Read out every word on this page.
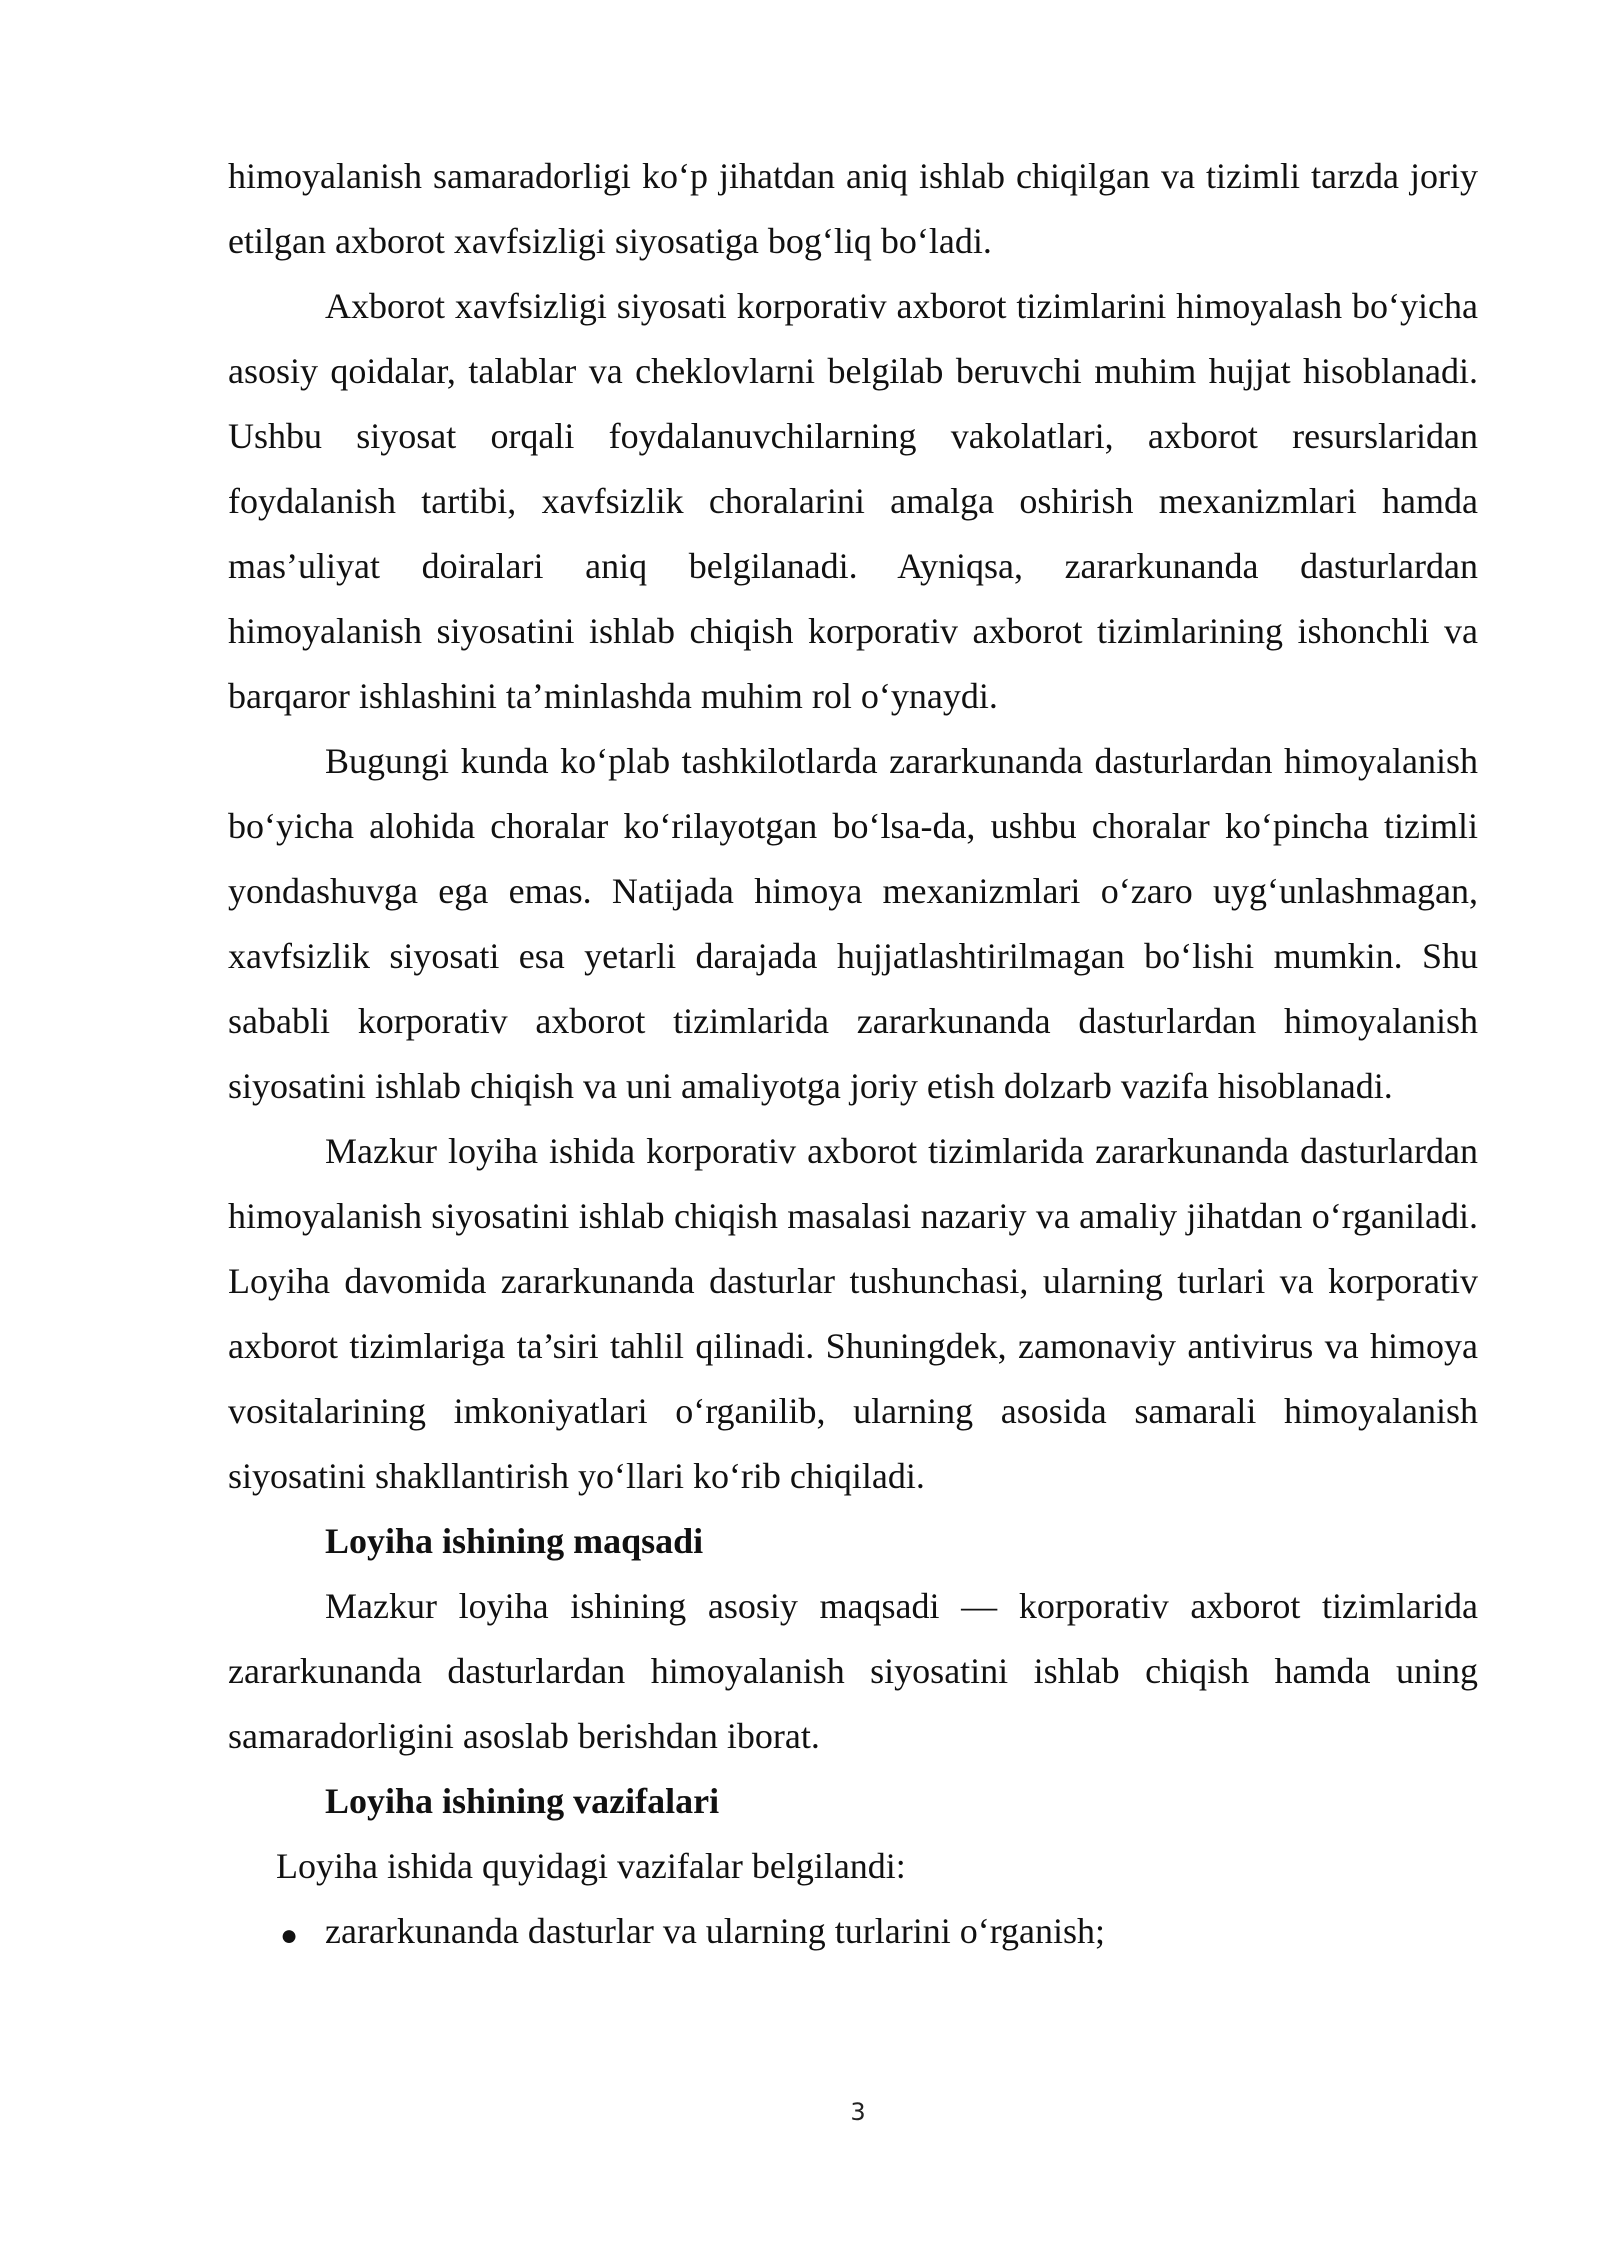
himoyalanish samaradorligi ko‘p jihatdan aniq ishlab chiqilgan va tizimli tarzda joriy etilgan axborot xavfsizligi siyosatiga bog‘liq bo‘ladi.

Axborot xavfsizligi siyosati korporativ axborot tizimlarini himoyalash bo‘yicha asosiy qoidalar, talablar va cheklovlarni belgilab beruvchi muhim hujjat hisoblanadi. Ushbu siyosat orqali foydalanuvchilarning vakolatlari, axborot resurslaridan foydalanish tartibi, xavfsizlik choralarini amalga oshirish mexanizmlari hamda mas’uliyat doiralari aniq belgilanadi. Ayniqsa, zararkunanda dasturlardan himoyalanish siyosatini ishlab chiqish korporativ axborot tizimlarining ishonchli va barqaror ishlashini ta’minlashda muhim rol o‘ynaydi.

Bugungi kunda ko‘plab tashkilotlarda zararkunanda dasturlardan himoyalanish bo‘yicha alohida choralar ko‘rilayotgan bo‘lsa-da, ushbu choralar ko‘pincha tizimli yondashuvga ega emas. Natijada himoya mexanizmlari o‘zaro uyg‘unlashmagan, xavfsizlik siyosati esa yetarli darajada hujjatlashtirilmagan bo‘lishi mumkin. Shu sababli korporativ axborot tizimlarida zararkunanda dasturlardan himoyalanish siyosatini ishlab chiqish va uni amaliyotga joriy etish dolzarb vazifa hisoblanadi.

Mazkur loyiha ishida korporativ axborot tizimlarida zararkunanda dasturlardan himoyalanish siyosatini ishlab chiqish masalasi nazariy va amaliy jihatdan o‘rganiladi. Loyiha davomida zararkunanda dasturlar tushunchasi, ularning turlari va korporativ axborot tizimlariga ta’siri tahlil qilinadi. Shuningdek, zamonaviy antivirus va himoya vositalarining imkoniyatlari o‘rganilib, ularning asosida samarali himoyalanish siyosatini shakllantirish yo‘llari ko‘rib chiqiladi.

Loyiha ishining maqsadi

Mazkur loyiha ishining asosiy maqsadi — korporativ axborot tizimlarida zararkunanda dasturlardan himoyalanish siyosatini ishlab chiqish hamda uning samaradorligini asoslab berishdan iborat.

Loyiha ishining vazifalari

Loyiha ishida quyidagi vazifalar belgilandi:

● zararkunanda dasturlar va ularning turlarini o‘rganish;

3
